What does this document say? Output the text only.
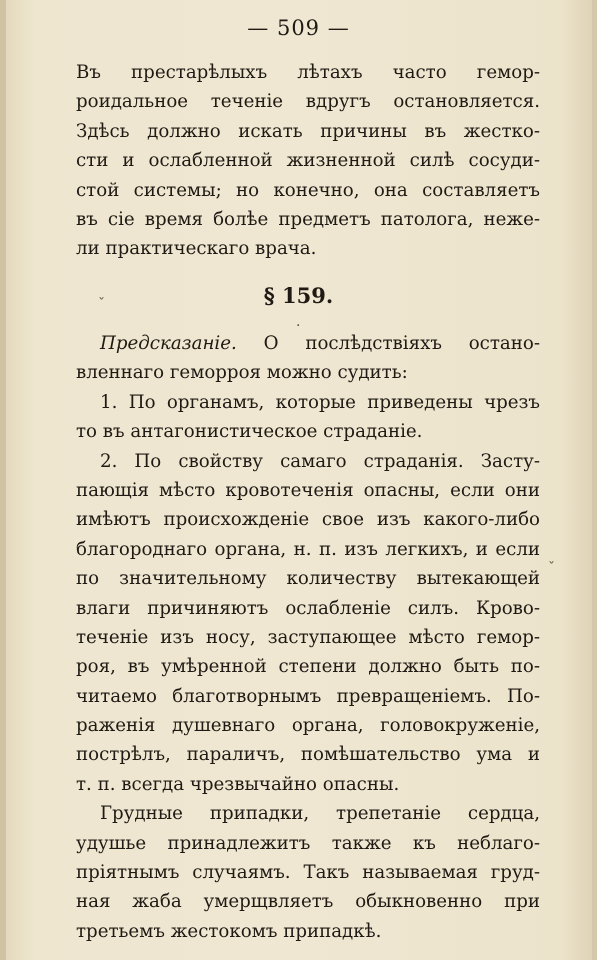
— 509 —
Въ престарѣлыхъ лѣтахъ часто гемор-
роидальное теченіе вдругъ остановляется.
Здѣсь должно искать причины въ жестко-
сти и ослабленной жизненной силѣ сосуди-
стой системы; но конечно, она составляетъ
въ сіе время болѣе предметъ патолога, неже-
ли практическаго врача.
§ 159.
Предсказаніе. О послѣдствіяхъ остано-
вленнаго геморроя можно судить:
1. По органамъ, которые приведены чрезъ
то въ антагонистическое страданіе.
2. По свойству самаго страданія. Засту-
пающія мѣсто кровотеченія опасны, если они
имѣютъ происхожденіе свое изъ какого-либо
благороднаго органа, н. п. изъ легкихъ, и если
по значительному количеству вытекающей
влаги причиняютъ ослабленіе силъ. Крово-
теченіе изъ носу, заступающее мѣсто гемор-
роя, въ умѣренной степени должно быть по-
читаемо благотворнымъ превращеніемъ. По-
раженія душевнаго органа, головокруженіе,
пострѣлъ, параличъ, помѣшательство ума и
т. п. всегда чрезвычайно опасны.
Грудные припадки, трепетаніе сердца,
удушье принадлежитъ также къ неблаго-
пріятнымъ случаямъ. Такъ называемая груд-
ная жаба умерщвляетъ обыкновенно при
третьемъ жестокомъ припадкѣ.
ˇ
·
ˇ
